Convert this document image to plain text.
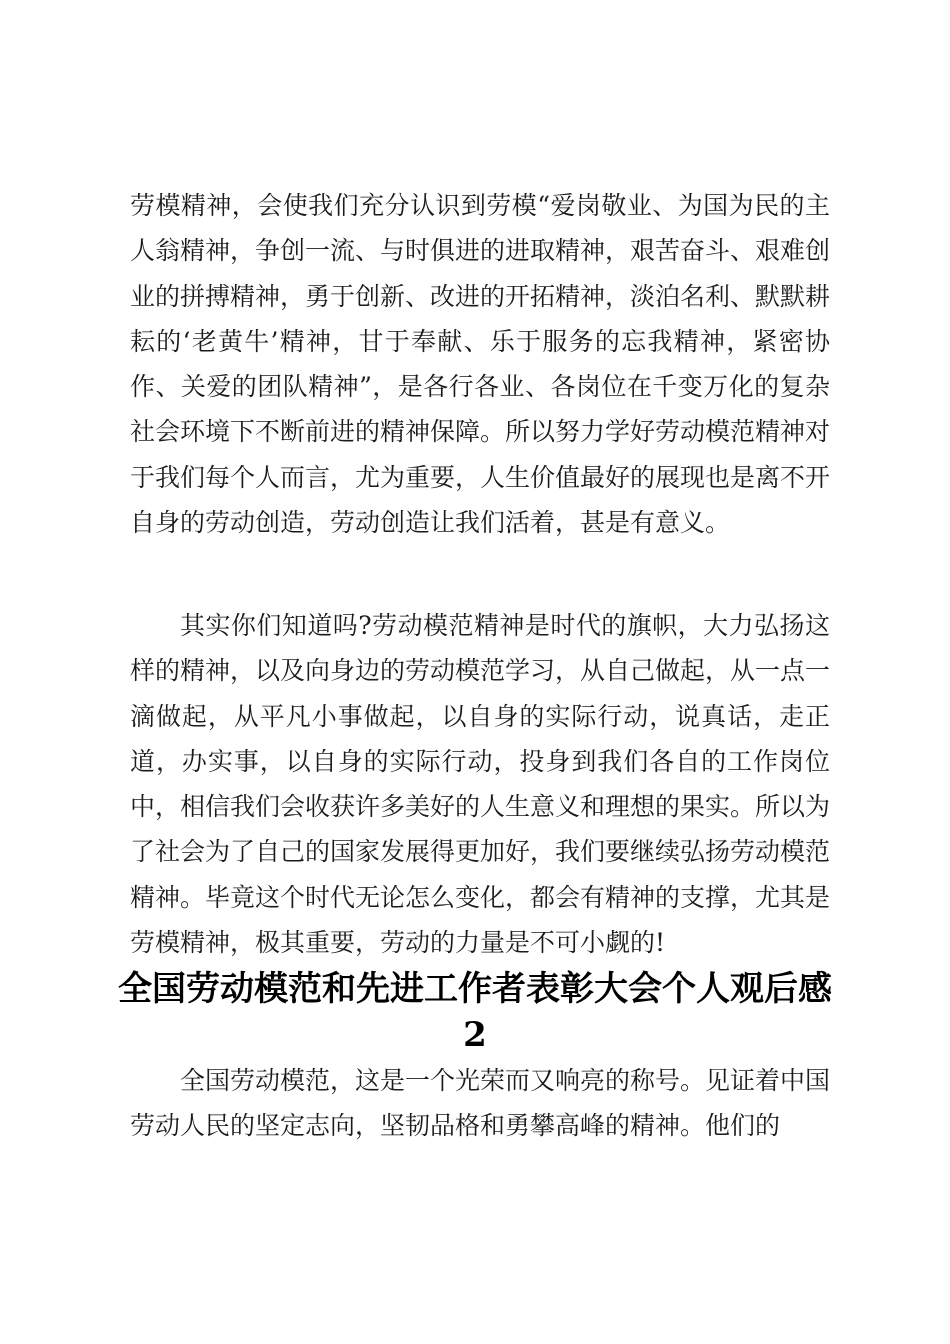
劳模精神，会使我们充分认识到劳模“爱岗敬业、为国为民的主人翁精神，争创一流、与时俱进的进取精神，艰苦奋斗、艰难创业的拼搏精神，勇于创新、改进的开拓精神，淡泊名利、默默耕耘的‘老黄牛’精神，甘于奉献、乐于服务的忘我精神，紧密协作、关爱的团队精神”，是各行各业、各岗位在千变万化的复杂社会环境下不断前进的精神保障。所以努力学好劳动模范精神对于我们每个人而言，尤为重要，人生价值最好的展现也是离不开自身的劳动创造，劳动创造让我们活着，甚是有意义。

其实你们知道吗?劳动模范精神是时代的旗帜，大力弘扬这样的精神，以及向身边的劳动模范学习，从自己做起，从一点一滴做起，从平凡小事做起，以自身的实际行动，说真话，走正道，办实事，以自身的实际行动，投身到我们各自的工作岗位中，相信我们会收获许多美好的人生意义和理想的果实。所以为了社会为了自己的国家发展得更加好，我们要继续弘扬劳动模范精神。毕竟这个时代无论怎么变化，都会有精神的支撑，尤其是劳模精神，极其重要，劳动的力量是不可小觑的!

全国劳动模范和先进工作者表彰大会个人观后感2

全国劳动模范，这是一个光荣而又响亮的称号。见证着中国劳动人民的坚定志向，坚韧品格和勇攀高峰的精神。他们的
